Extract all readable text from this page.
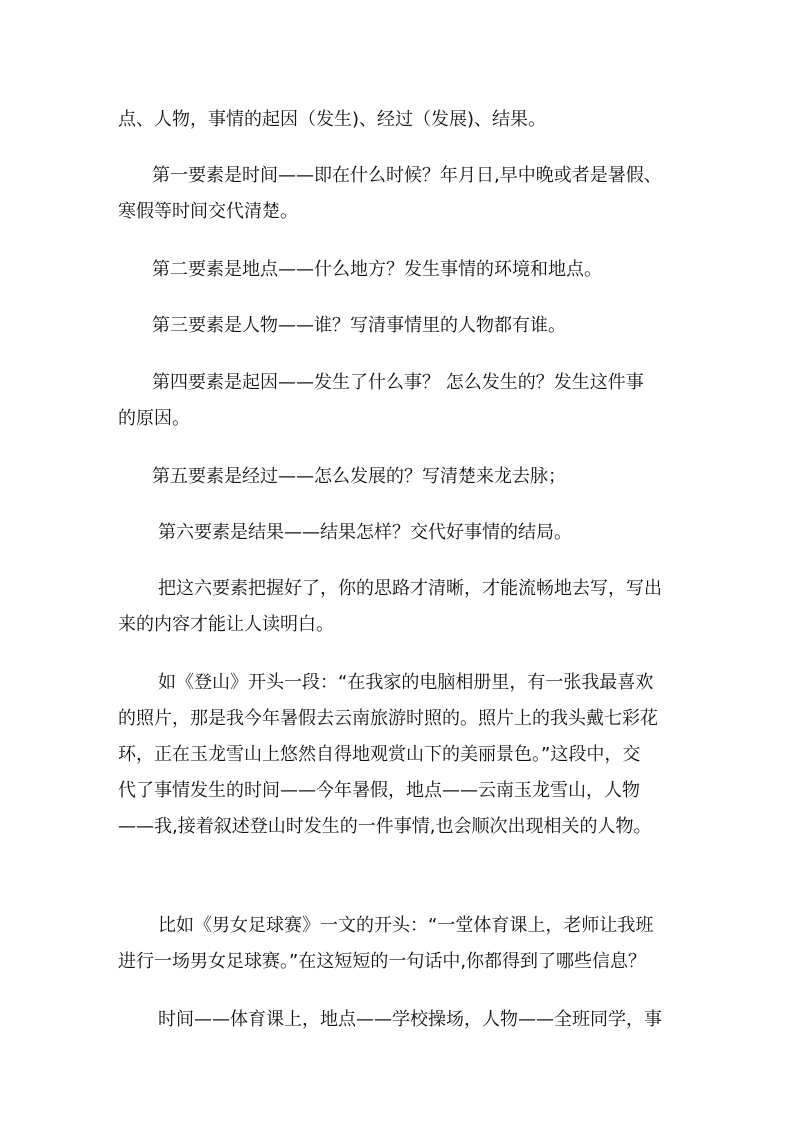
点、人物，事情的起因（发生)、经过（发展)、结果。

第一要素是时间——即在什么时候？年月日,早中晚或者是暑假、
寒假等时间交代清楚。

第二要素是地点——什么地方？发生事情的环境和地点。

第三要素是人物——谁？写清事情里的人物都有谁。

第四要素是起因——发生了什么事？ 怎么发生的？发生这件事
的原因。

第五要素是经过——怎么发展的？写清楚来龙去脉；

第六要素是结果——结果怎样？交代好事情的结局。

把这六要素把握好了，你的思路才清晰，才能流畅地去写，写出
来的内容才能让人读明白。

如《登山》开头一段：“在我家的电脑相册里，有一张我最喜欢
的照片，那是我今年暑假去云南旅游时照的。照片上的我头戴七彩花
环，正在玉龙雪山上悠然自得地观赏山下的美丽景色。”这段中，交
代了事情发生的时间——今年暑假，地点——云南玉龙雪山，人物
——我,接着叙述登山时发生的一件事情,也会顺次出现相关的人物。

比如《男女足球赛》一文的开头：“一堂体育课上，老师让我班
进行一场男女足球赛。”在这短短的一句话中,你都得到了哪些信息？

时间——体育课上，地点——学校操场，人物——全班同学，事
